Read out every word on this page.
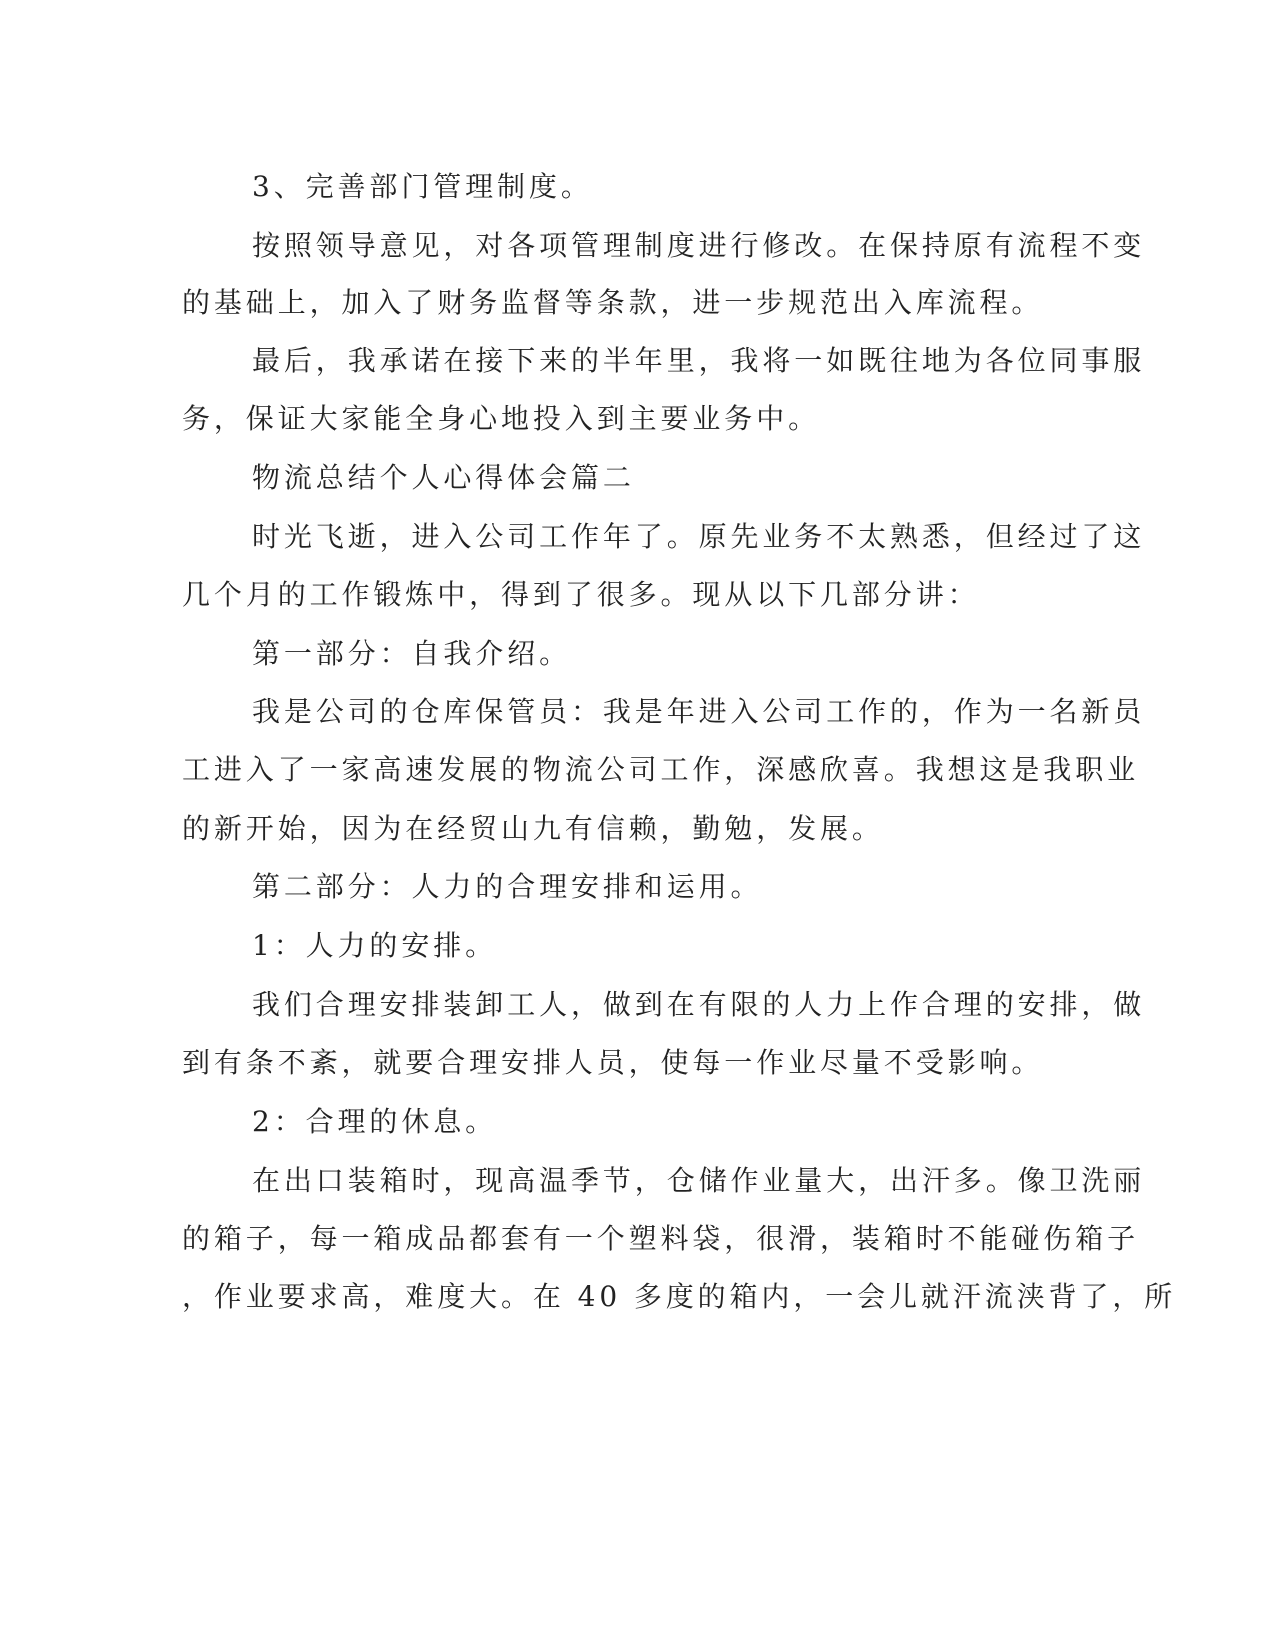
3、完善部门管理制度。
按照领导意见，对各项管理制度进行修改。在保持原有流程不变
的基础上，加入了财务监督等条款，进一步规范出入库流程。
最后，我承诺在接下来的半年里，我将一如既往地为各位同事服
务，保证大家能全身心地投入到主要业务中。
物流总结个人心得体会篇二
时光飞逝，进入公司工作年了。原先业务不太熟悉，但经过了这
几个月的工作锻炼中，得到了很多。现从以下几部分讲：
第一部分：自我介绍。
我是公司的仓库保管员：我是年进入公司工作的，作为一名新员
工进入了一家高速发展的物流公司工作，深感欣喜。我想这是我职业
的新开始，因为在经贸山九有信赖，勤勉，发展。
第二部分：人力的合理安排和运用。
1：人力的安排。
我们合理安排装卸工人，做到在有限的人力上作合理的安排，做
到有条不紊，就要合理安排人员，使每一作业尽量不受影响。
2：合理的休息。
在出口装箱时，现高温季节，仓储作业量大，出汗多。像卫洗丽
的箱子，每一箱成品都套有一个塑料袋，很滑，装箱时不能碰伤箱子
，作业要求高，难度大。在 40 多度的箱内，一会儿就汗流浃背了，所
